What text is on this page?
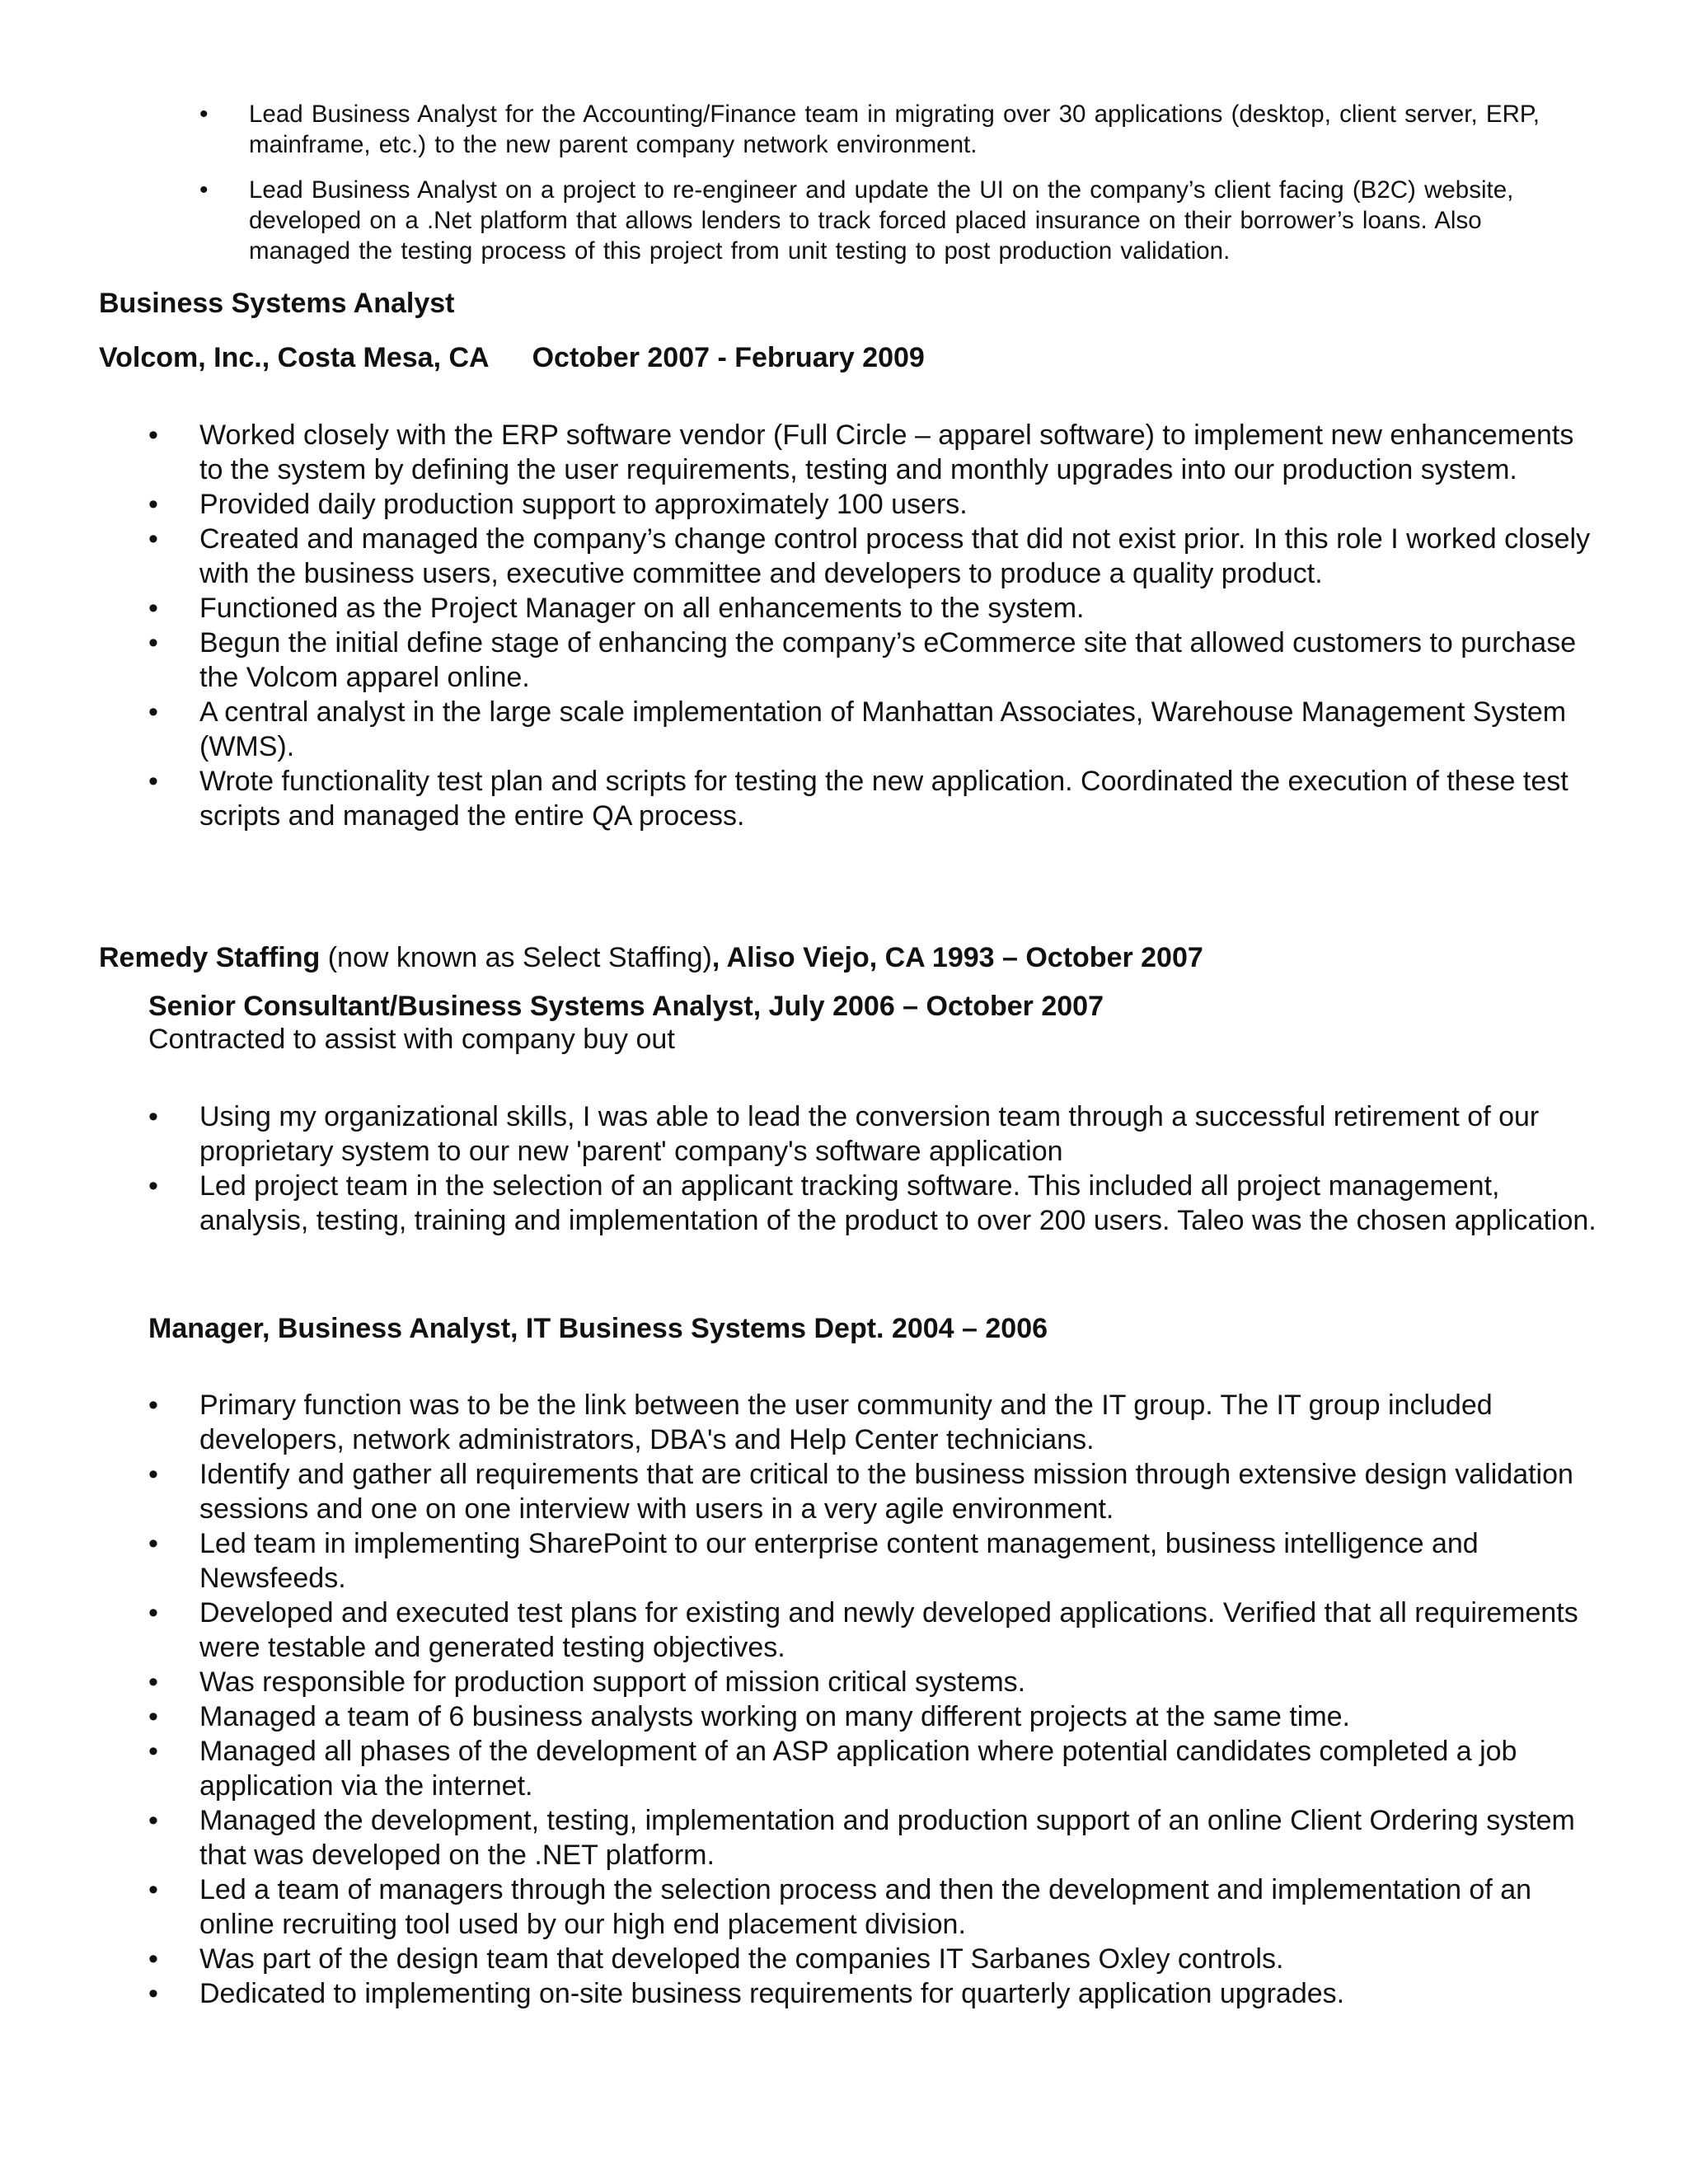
• Lead Business Analyst for the Accounting/Finance team in migrating over 30 applications (desktop, client server, ERP, mainframe, etc.) to the new parent company network environment.
• Lead Business Analyst on a project to re-engineer and update the UI on the company’s client facing (B2C) website, developed on a .Net platform that allows lenders to track forced placed insurance on their borrower’s loans. Also managed the testing process of this project from unit testing to post production validation.
Business Systems Analyst
Volcom, Inc., Costa Mesa, CA October 2007 - February 2009
• Worked closely with the ERP software vendor (Full Circle – apparel software) to implement new enhancements to the system by defining the user requirements, testing and monthly upgrades into our production system.
• Provided daily production support to approximately 100 users.
• Created and managed the company’s change control process that did not exist prior. In this role I worked closely with the business users, executive committee and developers to produce a quality product.
• Functioned as the Project Manager on all enhancements to the system.
• Begun the initial define stage of enhancing the company’s eCommerce site that allowed customers to purchase the Volcom apparel online.
• A central analyst in the large scale implementation of Manhattan Associates, Warehouse Management System (WMS).
• Wrote functionality test plan and scripts for testing the new application. Coordinated the execution of these test scripts and managed the entire QA process.
Remedy Staffing (now known as Select Staffing), Aliso Viejo, CA 1993 – October 2007
Senior Consultant/Business Systems Analyst, July 2006 – October 2007
Contracted to assist with company buy out
• Using my organizational skills, I was able to lead the conversion team through a successful retirement of our proprietary system to our new 'parent' company's software application
• Led project team in the selection of an applicant tracking software. This included all project management, analysis, testing, training and implementation of the product to over 200 users. Taleo was the chosen application.
Manager, Business Analyst, IT Business Systems Dept. 2004 – 2006
• Primary function was to be the link between the user community and the IT group. The IT group included developers, network administrators, DBA's and Help Center technicians.
• Identify and gather all requirements that are critical to the business mission through extensive design validation sessions and one on one interview with users in a very agile environment.
• Led team in implementing SharePoint to our enterprise content management, business intelligence and Newsfeeds.
• Developed and executed test plans for existing and newly developed applications. Verified that all requirements were testable and generated testing objectives.
• Was responsible for production support of mission critical systems.
• Managed a team of 6 business analysts working on many different projects at the same time.
• Managed all phases of the development of an ASP application where potential candidates completed a job application via the internet.
• Managed the development, testing, implementation and production support of an online Client Ordering system that was developed on the .NET platform.
• Led a team of managers through the selection process and then the development and implementation of an online recruiting tool used by our high end placement division.
• Was part of the design team that developed the companies IT Sarbanes Oxley controls.
• Dedicated to implementing on-site business requirements for quarterly application upgrades.
